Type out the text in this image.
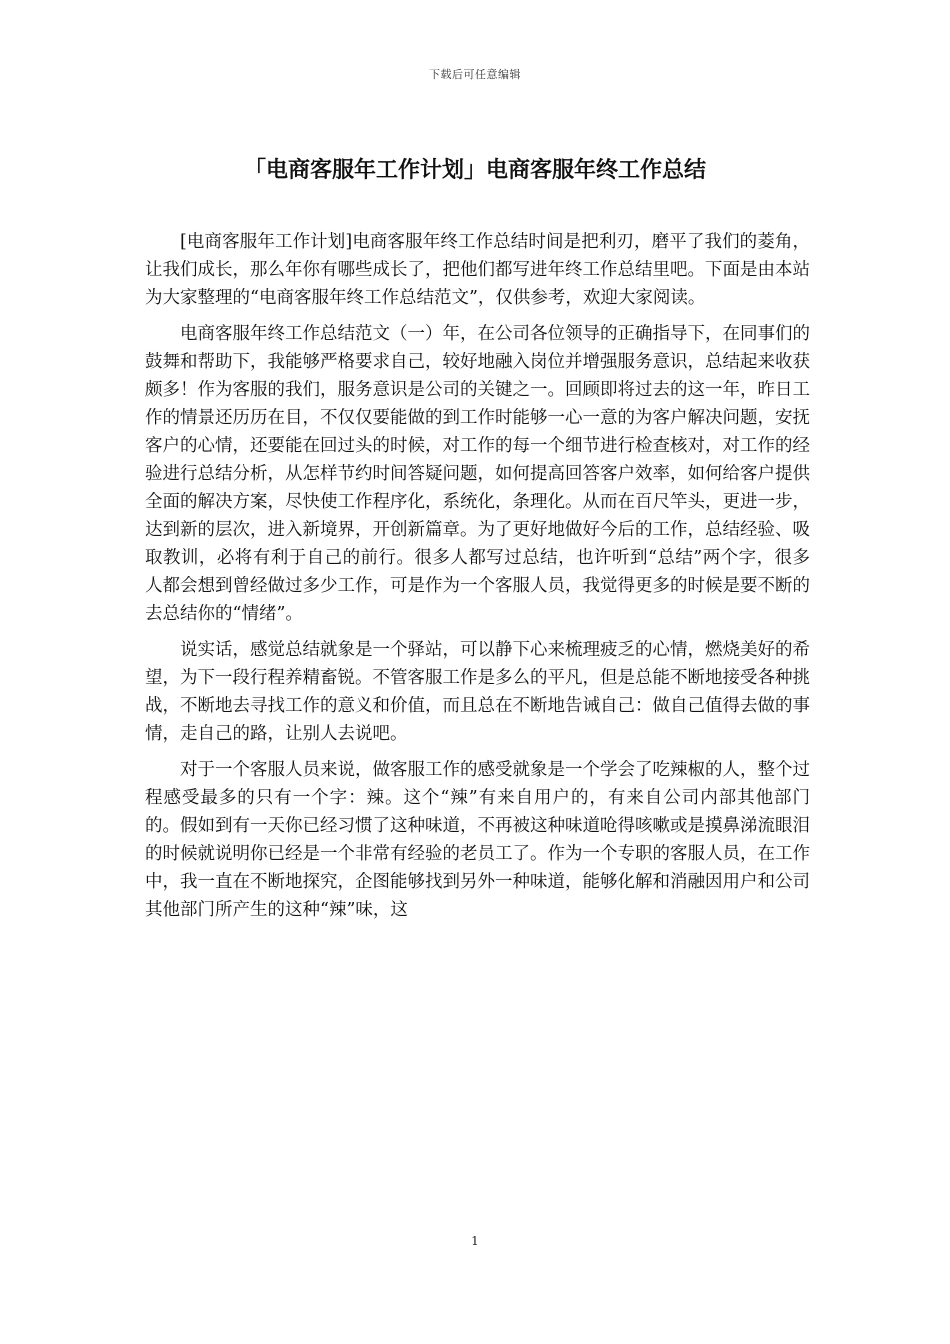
下载后可任意编辑
「电商客服年工作计划」电商客服年终工作总结

[电商客服年工作计划]电商客服年终工作总结时间是把利刃，磨平了我们的菱角，让我们成长，那么年你有哪些成长了，把他们都写进年终工作总结里吧。下面是由本站为大家整理的“电商客服年终工作总结范文”，仅供参考，欢迎大家阅读。

电商客服年终工作总结范文（一）年，在公司各位领导的正确指导下，在同事们的鼓舞和帮助下，我能够严格要求自己，较好地融入岗位并增强服务意识，总结起来收获颇多！作为客服的我们，服务意识是公司的关键之一。回顾即将过去的这一年，昨日工作的情景还历历在目，不仅仅要能做的到工作时能够一心一意的为客户解决问题，安抚客户的心情，还要能在回过头的时候，对工作的每一个细节进行检查核对，对工作的经验进行总结分析，从怎样节约时间答疑问题，如何提高回答客户效率，如何给客户提供全面的解决方案，尽快使工作程序化，系统化，条理化。从而在百尺竿头，更进一步，达到新的层次，进入新境界，开创新篇章。为了更好地做好今后的工作，总结经验、吸取教训，必将有利于自己的前行。很多人都写过总结，也许听到“总结”两个字，很多人都会想到曾经做过多少工作，可是作为一个客服人员，我觉得更多的时候是要不断的去总结你的“情绪”。

说实话，感觉总结就象是一个驿站，可以静下心来梳理疲乏的心情，燃烧美好的希望，为下一段行程养精畜锐。不管客服工作是多么的平凡，但是总能不断地接受各种挑战，不断地去寻找工作的意义和价值，而且总在不断地告诫自己：做自己值得去做的事情，走自己的路，让别人去说吧。

对于一个客服人员来说，做客服工作的感受就象是一个学会了吃辣椒的人，整个过程感受最多的只有一个字：辣。这个“辣”有来自用户的，有来自公司内部其他部门的。假如到有一天你已经习惯了这种味道，不再被这种味道呛得咳嗽或是摸鼻涕流眼泪的时候就说明你已经是一个非常有经验的老员工了。作为一个专职的客服人员，在工作中，我一直在不断地探究，企图能够找到另外一种味道，能够化解和消融因用户和公司其他部门所产生的这种“辣”味，这

1
